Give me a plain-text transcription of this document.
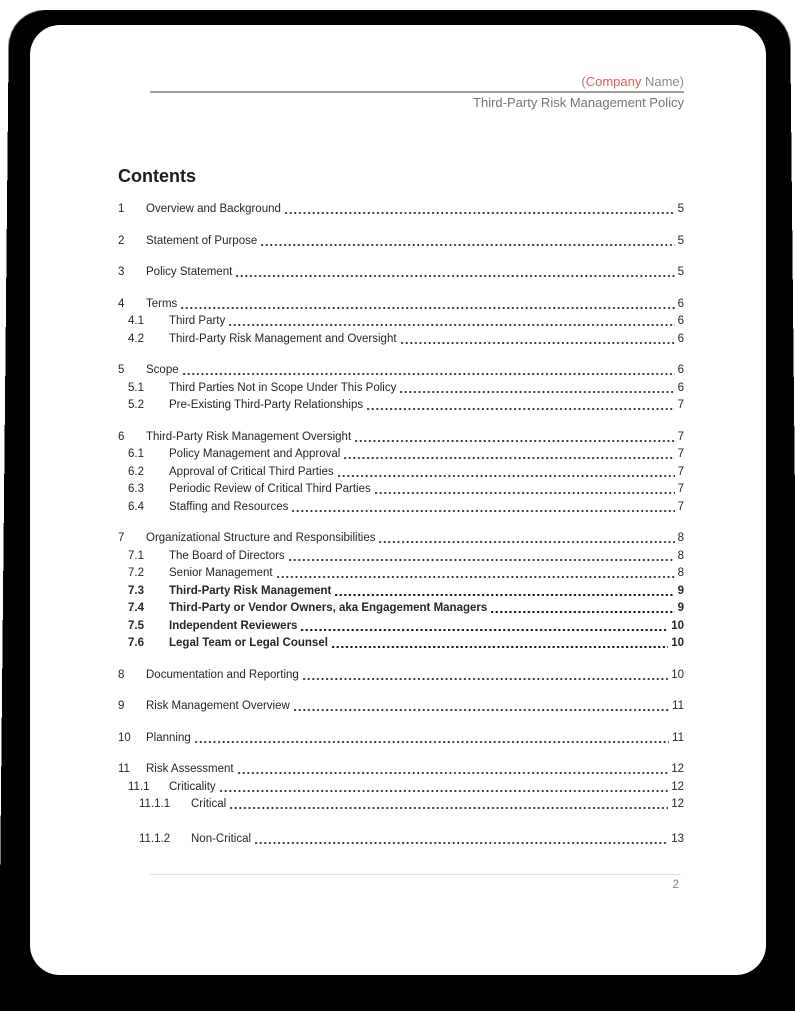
(Company Name)
Third-Party Risk Management Policy
Contents
1	Overview and Background	5
2	Statement of Purpose	5
3	Policy Statement	5
4	Terms	6
4.1	Third Party	6
4.2	Third-Party Risk Management and Oversight	6
5	Scope	6
5.1	Third Parties Not in Scope Under This Policy	6
5.2	Pre-Existing Third-Party Relationships	7
6	Third-Party Risk Management Oversight	7
6.1	Policy Management and Approval	7
6.2	Approval of Critical Third Parties	7
6.3	Periodic Review of Critical Third Parties	7
6.4	Staffing and Resources	7
7	Organizational Structure and Responsibilities	8
7.1	The Board of Directors	8
7.2	Senior Management	8
7.3	Third-Party Risk Management	9
7.4	Third-Party or Vendor Owners, aka Engagement Managers	9
7.5	Independent Reviewers	10
7.6	Legal Team or Legal Counsel	10
8	Documentation and Reporting	10
9	Risk Management Overview	11
10	Planning	11
11	Risk Assessment	12
11.1	Criticality	12
11.1.1	Critical	12
11.1.2	Non-Critical	13
2
